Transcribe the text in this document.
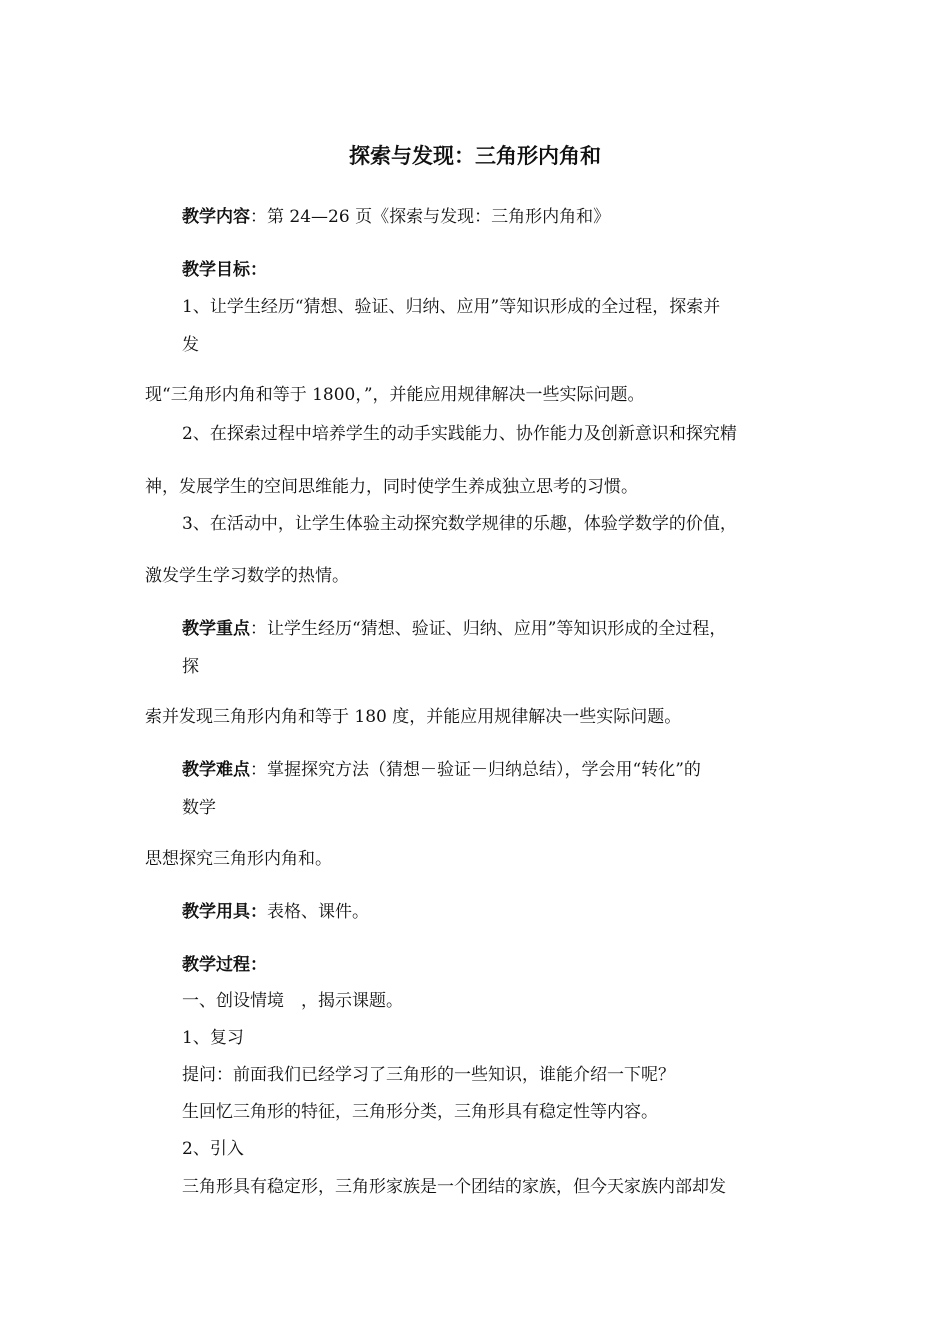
探索与发现：三角形内角和
教学内容：第 24—26 页《探索与发现：三角形内角和》
教学目标：
1、让学生经历“猜想、验证、归纳、应用”等知识形成的全过程，探索并
发
现“三角形内角和等于 1800，”，并能应用规律解决一些实际问题。
2、在探索过程中培养学生的动手实践能力、协作能力及创新意识和探究精
神，发展学生的空间思维能力，同时使学生养成独立思考的习惯。
3、在活动中，让学生体验主动探究数学规律的乐趣，体验学数学的价值，
激发学生学习数学的热情。
教学重点：让学生经历“猜想、验证、归纳、应用”等知识形成的全过程，
探
索并发现三角形内角和等于 180 度，并能应用规律解决一些实际问题。
教学难点：掌握探究方法（猜想－验证－归纳总结），学会用“转化”的
数学
思想探究三角形内角和。
教学用具：表格、课件。
教学过程：
一、创设情境　，揭示课题。
1、复习
提问：前面我们已经学习了三角形的一些知识，谁能介绍一下呢？
生回忆三角形的特征，三角形分类，三角形具有稳定性等内容。
2、引入
三角形具有稳定形，三角形家族是一个团结的家族，但今天家族内部却发
